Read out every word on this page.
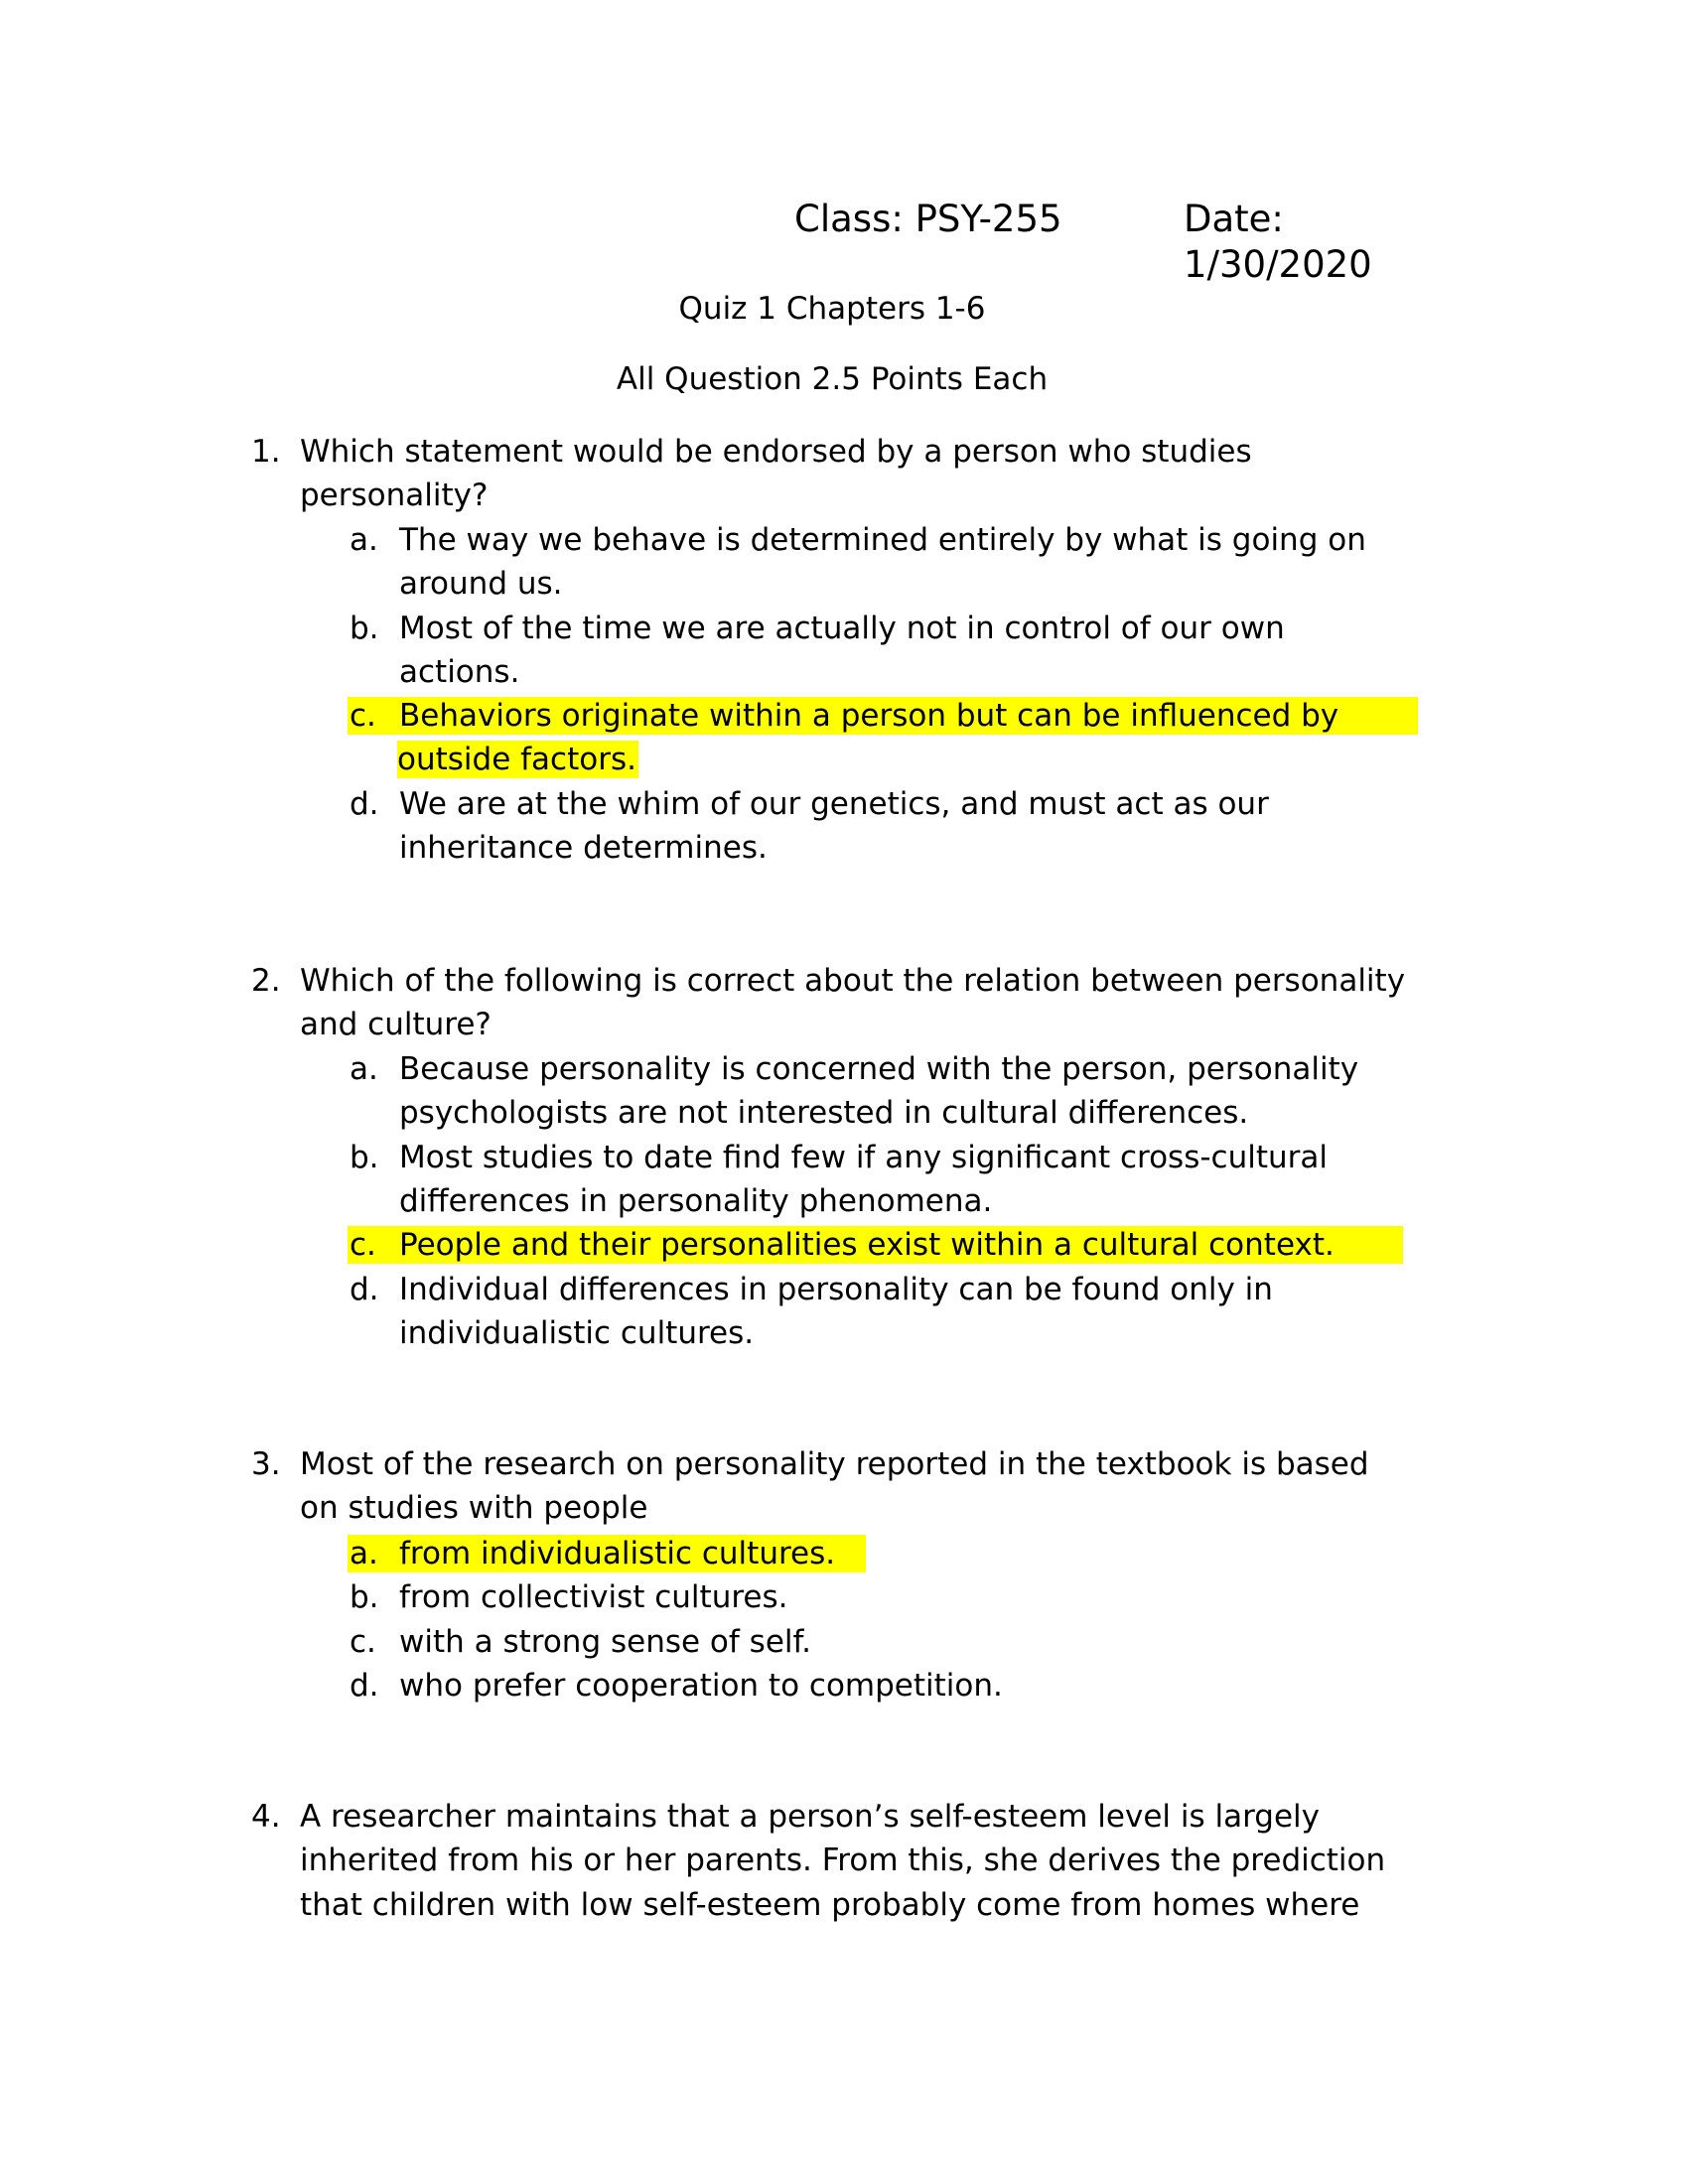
Class: PSY-255	Date:
1/30/2020
Quiz 1 Chapters 1-6
All Question 2.5 Points Each
1. Which statement would be endorsed by a person who studies
personality?
a. The way we behave is determined entirely by what is going on
around us.
b. Most of the time we are actually not in control of our own
actions.

c.

Behaviors originate within a person but can be influenced by

outside factors.
d. We are at the whim of our genetics, and must act as our
inheritance determines.
2. Which of the following is correct about the relation between personality
and culture?
a. Because personality is concerned with the person, personality
psychologists are not interested in cultural differences.
b. Most studies to date find few if any significant cross-cultural
differences in personality phenomena.

c.

People and their personalities exist within a cultural context.

d. Individual differences in personality can be found only in
individualistic cultures.
3. Most of the research on personality reported in the textbook is based
on studies with people

a.

from individualistic cultures.

b. from collectivist cultures.
c. with a strong sense of self.
d. who prefer cooperation to competition.
4. A researcher maintains that a person’s self-esteem level is largely
inherited from his or her parents. From this, she derives the prediction
that children with low self-esteem probably come from homes where
